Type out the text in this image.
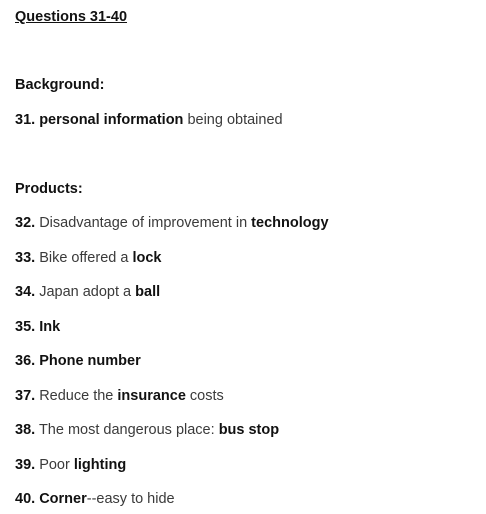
Questions 31-40
Background:
31. personal information being obtained
Products:
32. Disadvantage of improvement in technology
33. Bike offered a lock
34. Japan adopt a ball
35. Ink
36. Phone number
37. Reduce the insurance costs
38. The most dangerous place: bus stop
39. Poor lighting
40. Corner--easy to hide
